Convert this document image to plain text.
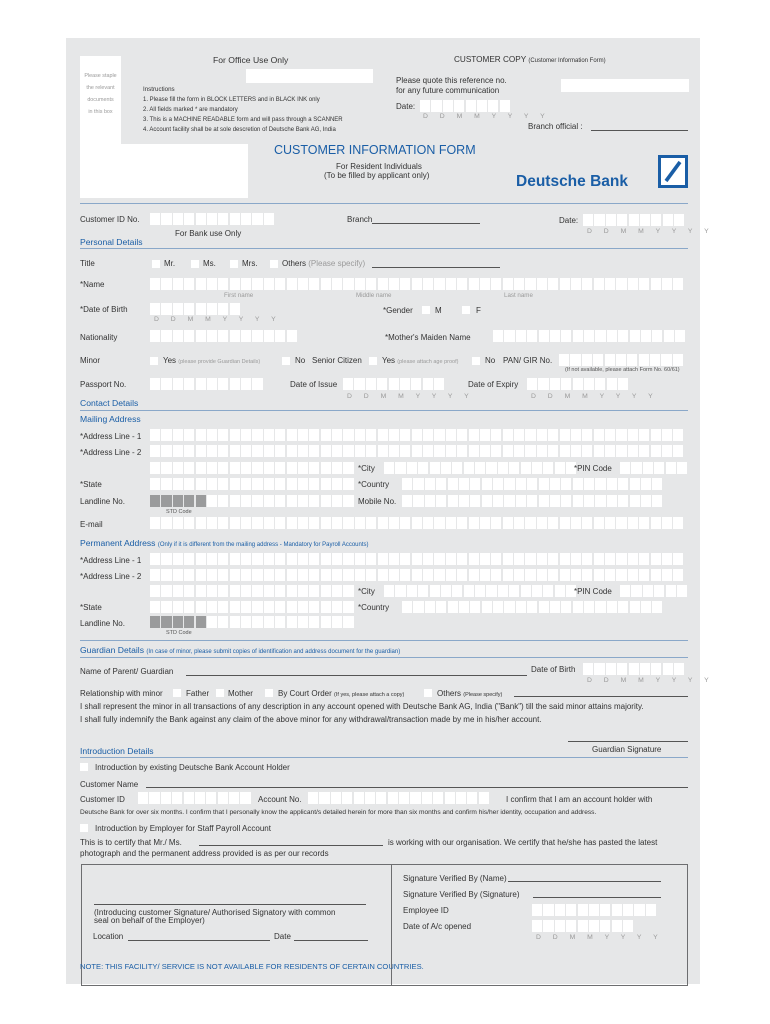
For Office Use Only	CUSTOMER COPY (Customer Information Form)
Please staple
the relevant
documents
in this box
Instructions
1. Please fill the form in BLOCK LETTERS and in BLACK INK only
2. All fields marked * are mandatory
3. This is a MACHINE READABLE form and will pass through a SCANNER
4. Account facility shall be at sole descretion of Deutsche Bank AG, India
Please quote this reference no.
for any future communication
Date:
D D M M Y Y Y Y
Branch official :
CUSTOMER INFORMATION FORM
For Resident Individuals
(To be filled by applicant only)	Deutsche Bank
Customer ID No.	Branch	Date:
D D M M Y Y Y Y
For Bank use Only
Personal Details
Title	Mr.	Ms.	Mrs.	Others (Please specify)
*Name
First name	Middle name	Last name
*Date of Birth
D D M M Y Y Y Y
*Gender	M	F
Nationality	*Mother's Maiden Name
Minor	Yes (please provide Guardian Details)	No Senior Citizen	Yes (please attach age proof)	No PAN/ GIR No.
(If not available, please attach Form No. 60/61)
Passport No.	Date of Issue
D D M M Y Y Y Y
Date of Expiry
D D M M Y Y Y Y
Contact Details
Mailing Address
*Address Line - 1
*Address Line - 2
*City	*PIN Code
*State	*Country
Landline No.
STD Code
Mobile No.
E-mail
Permanent Address (Only if it is different from the mailing address - Mandatory for Payroll Accounts)
*Address Line - 1
*Address Line - 2
*City	*PIN Code
*State	*Country
Landline No.
STD Code
Guardian Details (In case of minor, please submit copies of identification and address document for the guardian)
Name of Parent/ Guardian	Date of Birth
D D M M Y Y Y Y
Relationship with minor	Father Mother	By Court Order (If yes, please attach a copy)	Others (Please specify)
I shall represent the minor in all transactions of any description in any account opened with Deutsche Bank AG, India ("Bank") till the said minor attains majority.
I shall fully indemnify the Bank against any claim of the above minor for any withdrawal/transaction made by me in his/her account.
Guardian Signature
Introduction Details
Introduction by existing Deutsche Bank Account Holder
Customer Name
Customer ID	Account No.	I confirm that I am an account holder with
Deutsche Bank for over six months. I confirm that I personally know the applicant/s detailed herein for more than six months and confirm his/her identity, occupation and address.
Introduction by Employer for Staff Payroll Account
This is to certify that Mr./ Ms.	is working with our organisation. We certify that he/she has pasted the latest
photograph and the permanent address provided is as per our records
(Introducing customer Signature/ Authorised Signatory with common
seal on behalf of the Employer)
Location	Date
Signature Verified By (Name)
Signature Verified By (Signature)
Employee ID
Date of A/c opened
D D M M Y Y Y Y
NOTE: THIS FACILITY/ SERVICE IS NOT AVAILABLE FOR RESIDENTS OF CERTAIN COUNTRIES.
